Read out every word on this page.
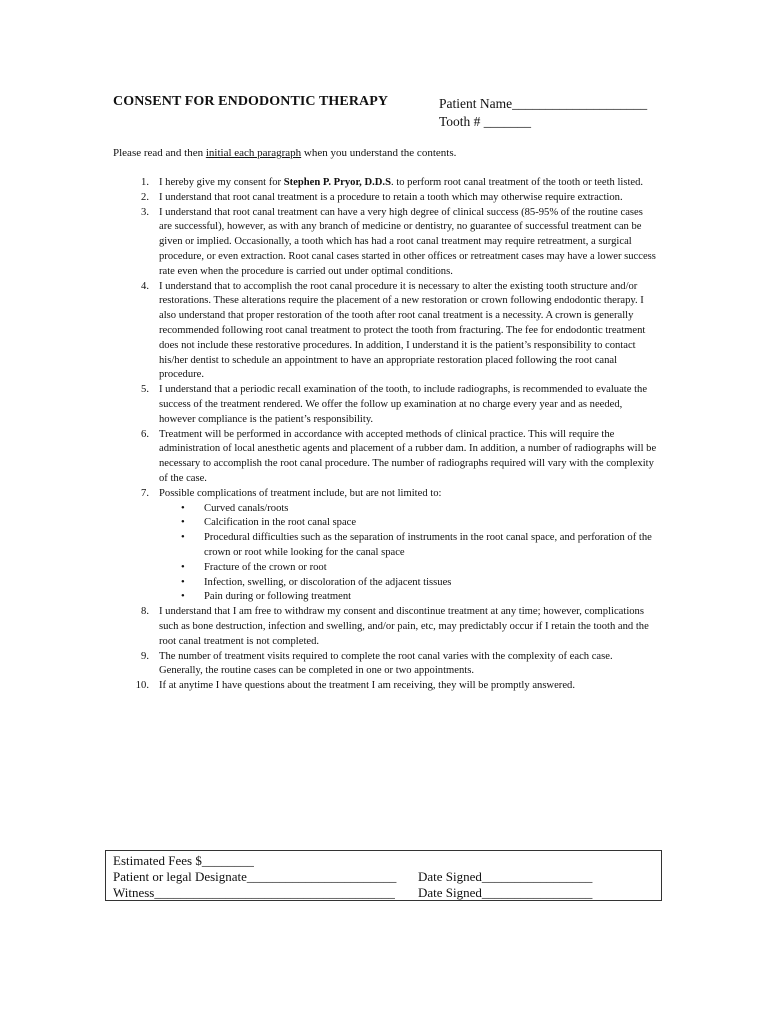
CONSENT FOR ENDODONTIC THERAPY	Patient Name____________________
Tooth # _______
Please read and then initial each paragraph when you understand the contents.
1. I hereby give my consent for Stephen P. Pryor, D.D.S. to perform root canal treatment of the tooth or teeth listed.
2. I understand that root canal treatment is a procedure to retain a tooth which may otherwise require extraction.
3. I understand that root canal treatment can have a very high degree of clinical success (85-95% of the routine cases are successful), however, as with any branch of medicine or dentistry, no guarantee of successful treatment can be given or implied. Occasionally, a tooth which has had a root canal treatment may require retreatment, a surgical procedure, or even extraction. Root canal cases started in other offices or retreatment cases may have a lower success rate even when the procedure is carried out under optimal conditions.
4. I understand that to accomplish the root canal procedure it is necessary to alter the existing tooth structure and/or restorations. These alterations require the placement of a new restoration or crown following endodontic therapy. I also understand that proper restoration of the tooth after root canal treatment is a necessity. A crown is generally recommended following root canal treatment to protect the tooth from fracturing. The fee for endodontic treatment does not include these restorative procedures. In addition, I understand it is the patient’s responsibility to contact his/her dentist to schedule an appointment to have an appropriate restoration placed following the root canal procedure.
5. I understand that a periodic recall examination of the tooth, to include radiographs, is recommended to evaluate the success of the treatment rendered. We offer the follow up examination at no charge every year and as needed, however compliance is the patient’s responsibility.
6. Treatment will be performed in accordance with accepted methods of clinical practice. This will require the administration of local anesthetic agents and placement of a rubber dam. In addition, a number of radiographs will be necessary to accomplish the root canal procedure. The number of radiographs required will vary with the complexity of the case.
7. Possible complications of treatment include, but are not limited to:
• Curved canals/roots
• Calcification in the root canal space
• Procedural difficulties such as the separation of instruments in the root canal space, and perforation of the crown or root while looking for the canal space
• Fracture of the crown or root
• Infection, swelling, or discoloration of the adjacent tissues
• Pain during or following treatment
8. I understand that I am free to withdraw my consent and discontinue treatment at any time; however, complications such as bone destruction, infection and swelling, and/or pain, etc, may predictably occur if I retain the tooth and the root canal treatment is not completed.
9. The number of treatment visits required to complete the root canal varies with the complexity of each case. Generally, the routine cases can be completed in one or two appointments.
10. If at anytime I have questions about the treatment I am receiving, they will be promptly answered.
Estimated Fees $________
Patient or legal Designate_______________________ Date Signed_________________
Witness_____________________________________ Date Signed_________________
